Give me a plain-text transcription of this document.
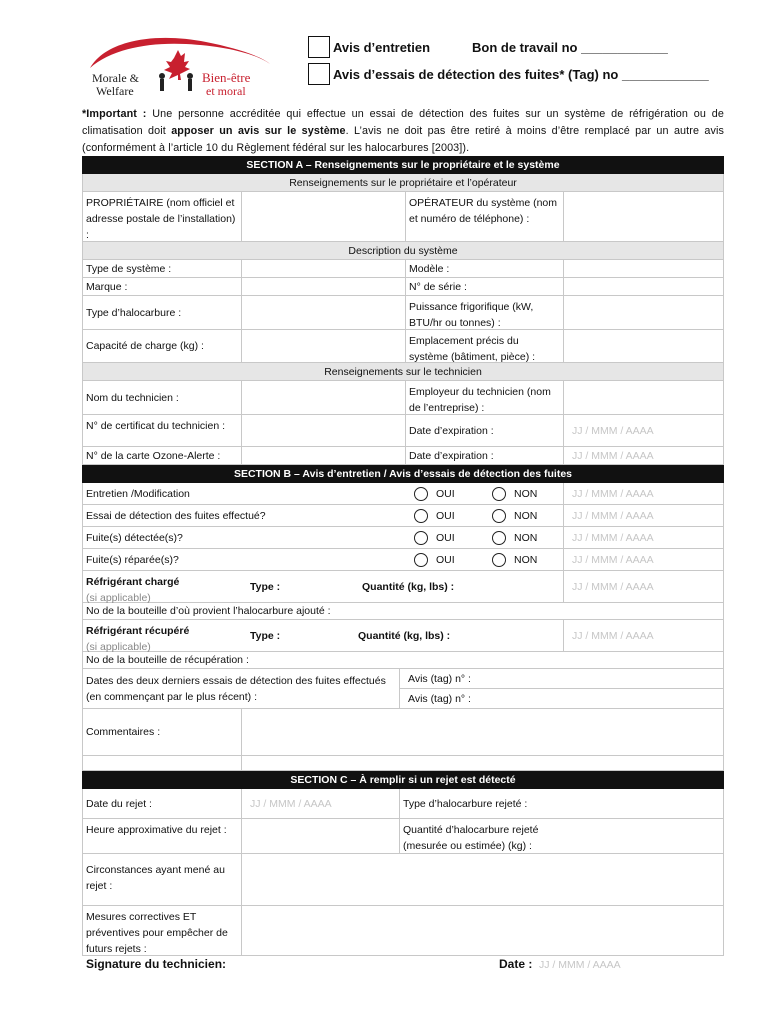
Morale &
Welfare
Bien-être
et moral
Avis d’entretien	Bon de travail no ____________
Avis d’essais de détection des fuites* (Tag) no ____________
*Important : Une personne accréditée qui effectue un essai de détection des fuites sur un système de réfrigération ou de climatisation doit apposer un avis sur le système. L’avis ne doit pas être retiré à moins d’être remplacé par un autre avis (conformément à l’article 10 du Règlement fédéral sur les halocarbures [2003]).
SECTION A – Renseignements sur le propriétaire et le système
Renseignements sur le propriétaire et l’opérateur
PROPRIÉTAIRE (nom officiel et adresse postale de l’installation) :
OPÉRATEUR du système (nom et numéro de téléphone) :
Description du système
Type de système :	Modèle :
Marque :	N° de série :
Type d’halocarbure :	Puissance frigorifique (kW, BTU/hr ou tonnes) :
Capacité de charge (kg) :	Emplacement précis du système (bâtiment, pièce) :
Renseignements sur le technicien
Nom du technicien :	Employeur du technicien (nom de l’entreprise) :
N° de certificat du technicien :	Date d’expiration :	JJ / MMM / AAAA
N° de la carte Ozone-Alerte :	Date d’expiration :	JJ / MMM / AAAA
SECTION B – Avis d’entretien / Avis d’essais de détection des fuites
Entretien /Modification	OUI	NON	JJ / MMM / AAAA
Essai de détection des fuites effectué?	OUI	NON	JJ / MMM / AAAA
Fuite(s) détectée(s)?	OUI	NON	JJ / MMM / AAAA
Fuite(s) réparée(s)?	OUI	NON	JJ / MMM / AAAA
Réfrigérant chargé
(si applicable)
Type :	Quantité (kg, lbs) :	JJ / MMM / AAAA
No de la bouteille d’où provient l’halocarbure ajouté :
Réfrigérant récupéré
(si applicable)
Type :	Quantité (kg, lbs) :	JJ / MMM / AAAA
No de la bouteille de récupération :
Dates des deux derniers essais de détection des fuites effectués (en commençant par le plus récent) :
Avis (tag) n° :
Avis (tag) n° :
Commentaires :
SECTION C – À remplir si un rejet est détecté
Date du rejet :	JJ / MMM / AAAA	Type d’halocarbure rejeté :
Heure approximative du rejet :	Quantité d’halocarbure rejeté (mesurée ou estimée) (kg) :
Circonstances ayant mené au rejet :
Mesures correctives ET préventives pour empêcher de futurs rejets :
Signature du technicien:	Date : JJ / MMM / AAAA
